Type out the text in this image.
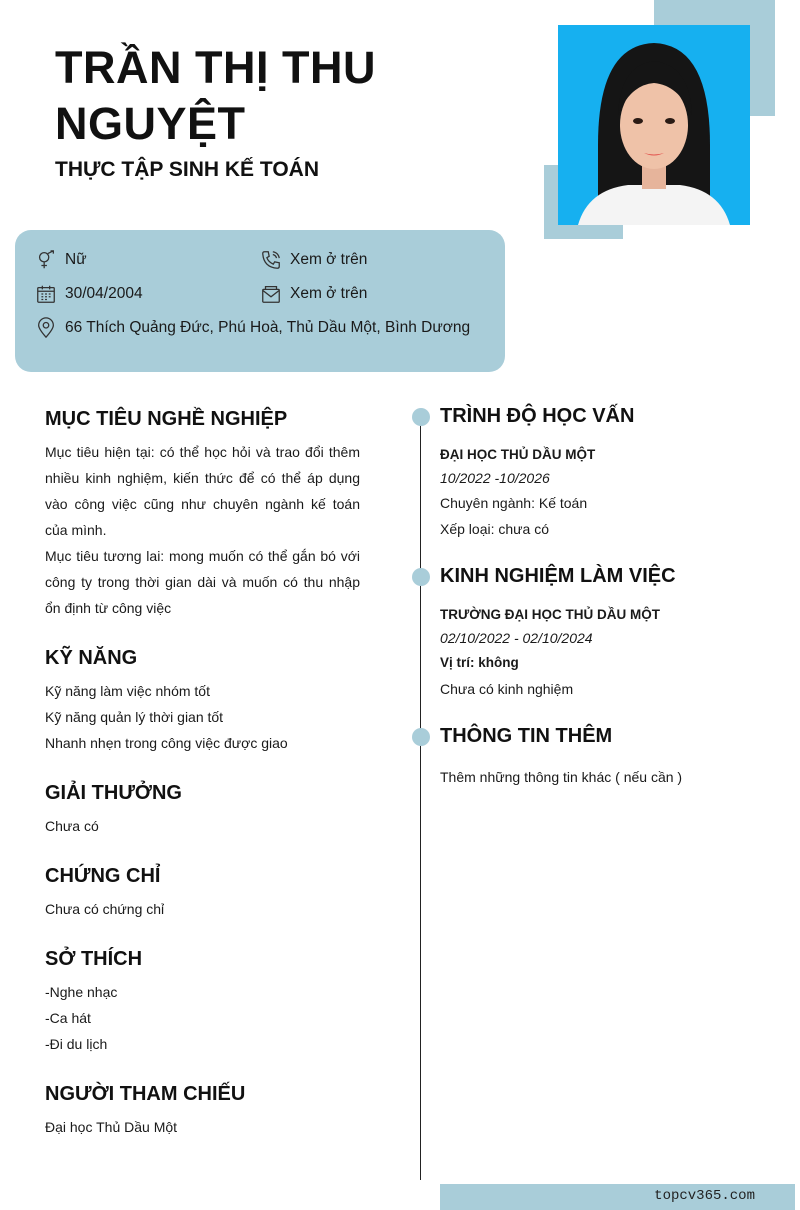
TRẦN THỊ THU
NGUYỆT
THỰC TẬP SINH KẾ TOÁN
Nữ	Xem ở trên
30/04/2004	Xem ở trên
66 Thích Quảng Đức, Phú Hoà, Thủ Dầu Một, Bình Dương
MỤC TIÊU NGHỀ NGHIỆP
Mục tiêu hiện tại: có thể học hỏi và trao đổi thêm nhiều kinh nghiệm, kiến thức để có thể áp dụng vào công việc cũng như chuyên ngành kế toán của mình.
Mục tiêu tương lai: mong muốn có thể gắn bó với công ty trong thời gian dài và muốn có thu nhập ổn định từ công việc
KỸ NĂNG
Kỹ năng làm việc nhóm tốt
Kỹ năng quản lý thời gian tốt
Nhanh nhẹn trong công việc được giao
GIẢI THƯỞNG
Chưa có
CHỨNG CHỈ
Chưa có chứng chỉ
SỞ THÍCH
-Nghe nhạc
-Ca hát
-Đi du lịch
NGƯỜI THAM CHIẾU
Đại học Thủ Dầu Một
TRÌNH ĐỘ HỌC VẤN
ĐẠI HỌC THỦ DẦU MỘT
10/2022 -10/2026
Chuyên ngành: Kế toán
Xếp loại: chưa có
KINH NGHIỆM LÀM VIỆC
TRƯỜNG ĐẠI HỌC THỦ DẦU MỘT
02/10/2022 - 02/10/2024
Vị trí: không
Chưa có kinh nghiệm
THÔNG TIN THÊM
Thêm những thông tin khác ( nếu cần )
topcv365.com
